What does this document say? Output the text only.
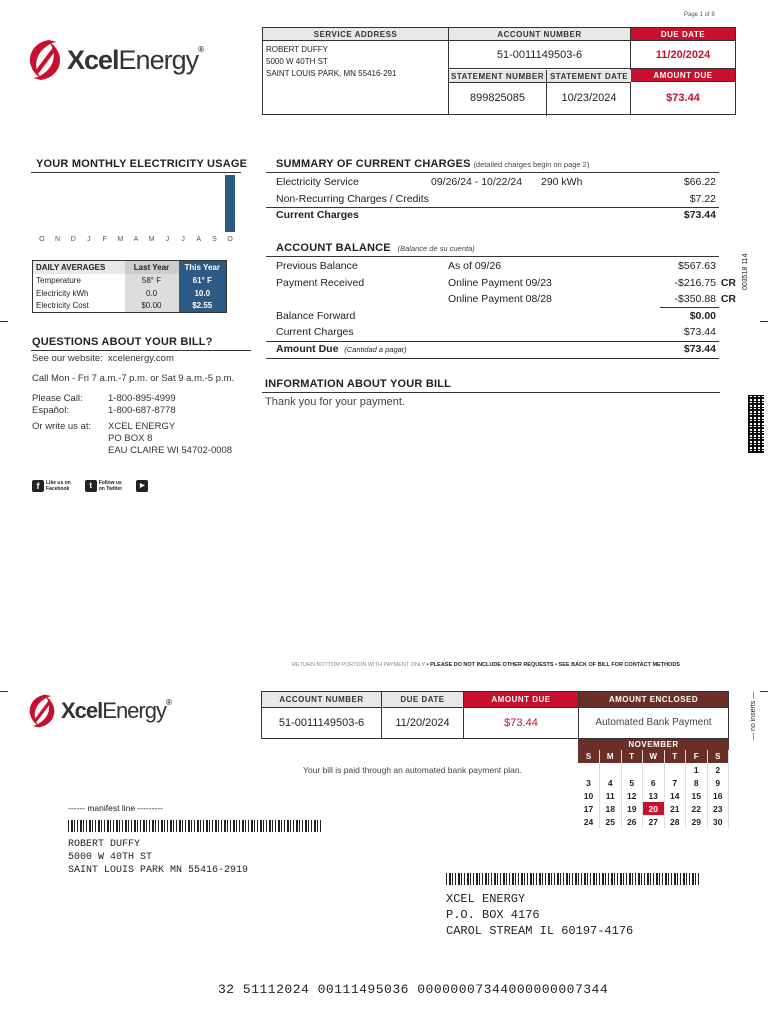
Page 1 of 8
XcelEnergy®
SERVICE ADDRESS
ROBERT DUFFY
5000 W 40TH ST
SAINT LOUIS PARK, MN 55416-291
ACCOUNT NUMBER
51-0011149503-6
STATEMENT NUMBER
899825085
STATEMENT DATE
10/23/2024
DUE DATE
11/20/2024
AMOUNT DUE
$73.44
YOUR MONTHLY ELECTRICITY USAGE
O	N	D	J	F	M	A	M	J	J	A	S	O
DAILY AVERAGES	Last Year	This Year
Temperature	58° F	61° F
Electricity kWh	0.0	10.0
Electricity Cost	$0.00	$2.55
QUESTIONS ABOUT YOUR BILL?
See our website: xcelenergy.com
Call Mon - Fri 7 a.m.-7 p.m. or Sat 9 a.m.-5 p.m.
Please Call:	1-800-895-4999
Español:	1-800-687-8778
Or write us at:	XCEL ENERGY
PO BOX 8
EAU CLAIRE WI 54702-0008
f	Like us on
Facebook	t	Follow us
on Twitter	▶
SUMMARY OF CURRENT CHARGES (detailed charges begin on page 2)
Electricity Service	09/26/24 - 10/22/24	290 kWh	$66.22
Non-Recurring Charges / Credits			$7.22
Current Charges			$73.44
ACCOUNT BALANCE (Balance de su cuenta)
Previous Balance	As of 09/26	$567.63	
Payment Received	Online Payment 09/23	-$216.75	CR
	Online Payment 08/28	-$350.88	CR
Balance Forward		$0.00	
Current Charges		$73.44	
Amount Due (Cantidad a pagar)	$73.44
INFORMATION ABOUT YOUR BILL
Thank you for your payment.
003518 114
RETURN BOTTOM PORTION WITH PAYMENT ONLY • PLEASE DO NOT INCLUDE OTHER REQUESTS • SEE BACK OF BILL FOR CONTACT METHODS
XcelEnergy®	ACCOUNT NUMBER
51-0011149503-6
DUE DATE
11/20/2024
AMOUNT DUE
$73.44
AMOUNT ENCLOSED
Automated Bank Payment	— no inserts —
NOVEMBER
S	M	T	W	T	F	S
					1	2
3	4	5	6	7	8	9
10	11	12	13	14	15	16
17	18	19	20	21	22	23
24	25	26	27	28	29	30
Your bill is paid through an automated bank payment plan.
------ manifest line ---------
ROBERT DUFFY
5000 W 40TH ST
SAINT LOUIS PARK MN 55416-2919
XCEL ENERGY
P.O. BOX 4176
CAROL STREAM IL 60197-4176
32 51112024 00111495036 00000007344000000007344
